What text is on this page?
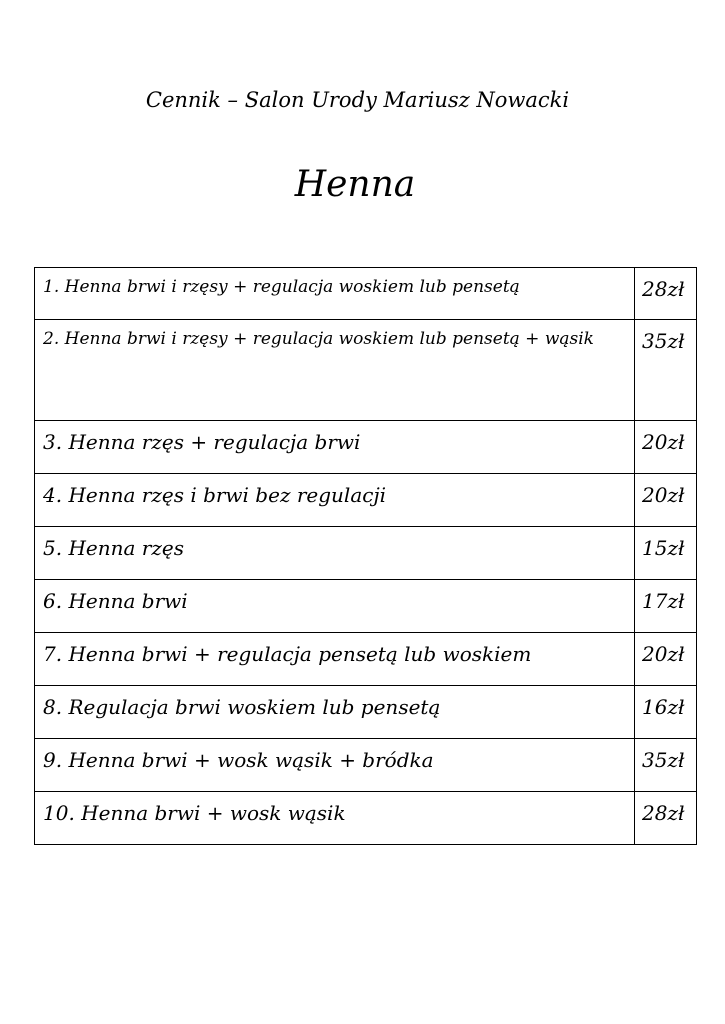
Cennik – Salon Urody Mariusz Nowacki
Henna
1. Henna brwi i rzęsy + regulacja woskiem lub pensetą	28zł
2. Henna brwi i rzęsy + regulacja woskiem lub pensetą + wąsik	35zł
3. Henna rzęs + regulacja brwi	20zł
4. Henna rzęs i brwi bez regulacji	20zł
5. Henna rzęs	15zł
6. Henna brwi	17zł
7. Henna brwi + regulacja pensetą lub woskiem	20zł
8. Regulacja brwi woskiem lub pensetą	16zł
9. Henna brwi + wosk wąsik + bródka	35zł
10. Henna brwi + wosk wąsik	28zł
